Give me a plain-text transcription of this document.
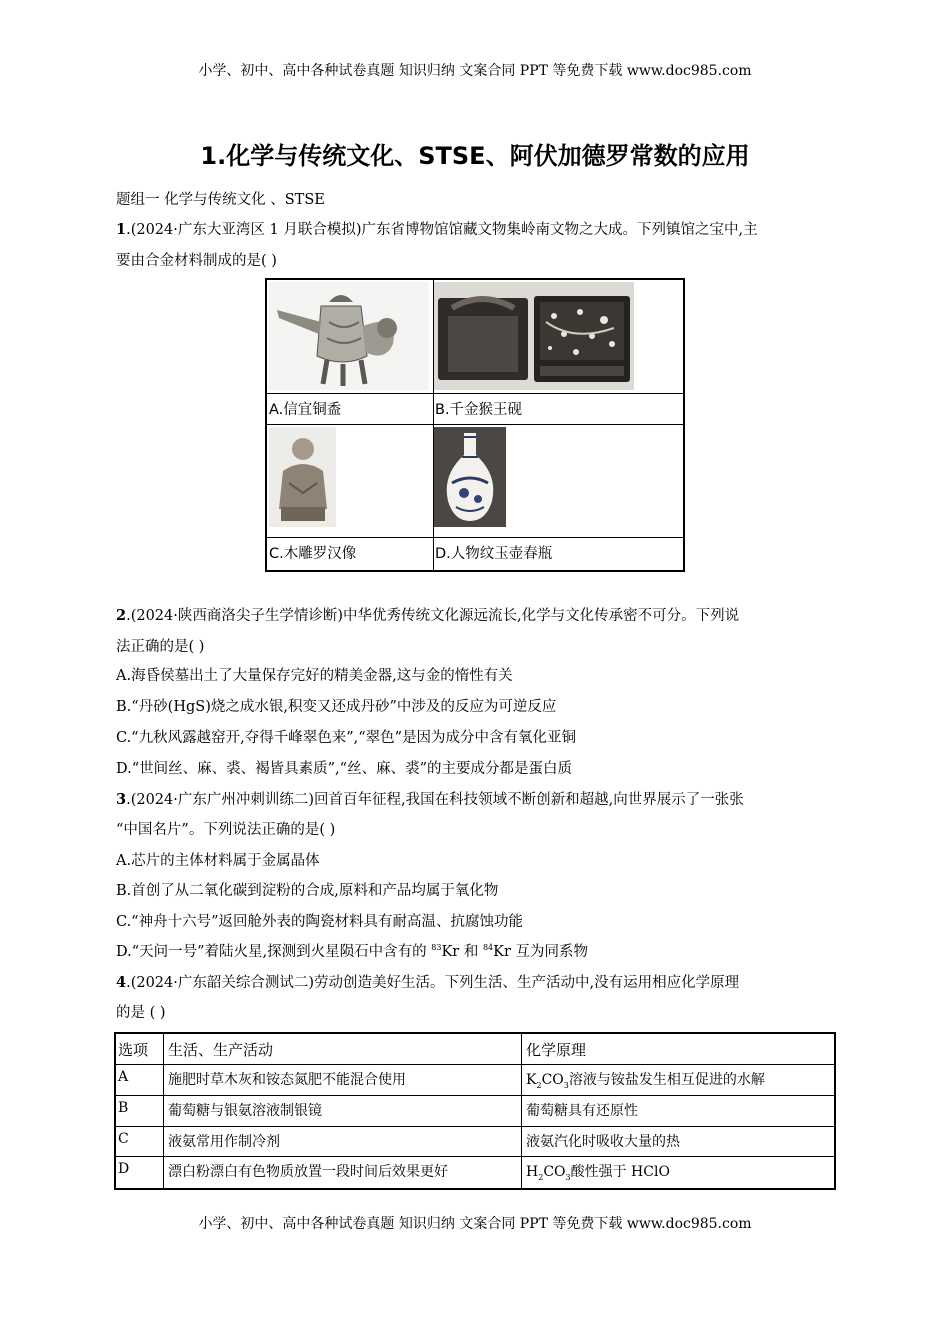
小学、初中、高中各种试卷真题 知识归纳 文案合同 PPT 等免费下载 www.doc985.com
1.化学与传统文化、STSE、阿伏加德罗常数的应用
题组一 化学与传统文化 、STSE
1.(2024·广东大亚湾区 1 月联合模拟)广东省博物馆馆藏文物集岭南文物之大成。下列镇馆之宝中,主
要由合金材料制成的是( )
A.信宜铜盉	B.千金猴王砚
C.木雕罗汉像	D.人物纹玉壶春瓶
2.(2024·陕西商洛尖子生学情诊断)中华优秀传统文化源远流长,化学与文化传承密不可分。下列说
法正确的是( )
A.海昏侯墓出土了大量保存完好的精美金器,这与金的惰性有关
B.“丹砂(HgS)烧之成水银,积变又还成丹砂”中涉及的反应为可逆反应
C.“九秋风露越窑开,夺得千峰翠色来”,“翠色”是因为成分中含有氧化亚铜
D.“世间丝、麻、裘、褐皆具素质”,“丝、麻、裘”的主要成分都是蛋白质
3.(2024·广东广州冲刺训练二)回首百年征程,我国在科技领域不断创新和超越,向世界展示了一张张
“中国名片”。下列说法正确的是( )
A.芯片的主体材料属于金属晶体
B.首创了从二氧化碳到淀粉的合成,原料和产品均属于氧化物
C.“神舟十六号”返回舱外表的陶瓷材料具有耐高温、抗腐蚀功能
D.“天问一号”着陆火星,探测到火星陨石中含有的 $^{83}$Kr 和 $^{84}$Kr 互为同系物
4.(2024·广东韶关综合测试二)劳动创造美好生活。下列生活、生产活动中,没有运用相应化学原理
的是 ( )
选项 生活、生产活动	化学原理
A	施肥时草木灰和铵态氮肥不能混合使用	$K_2CO_3$溶液与铵盐发生相互促进的水解
B	葡萄糖与银氨溶液制银镜	葡萄糖具有还原性
C	液氨常用作制冷剂	液氨汽化时吸收大量的热
D	漂白粉漂白有色物质放置一段时间后效果更好	$H_2CO_3$酸性强于 HClO
小学、初中、高中各种试卷真题 知识归纳 文案合同 PPT 等免费下载 www.doc985.com
